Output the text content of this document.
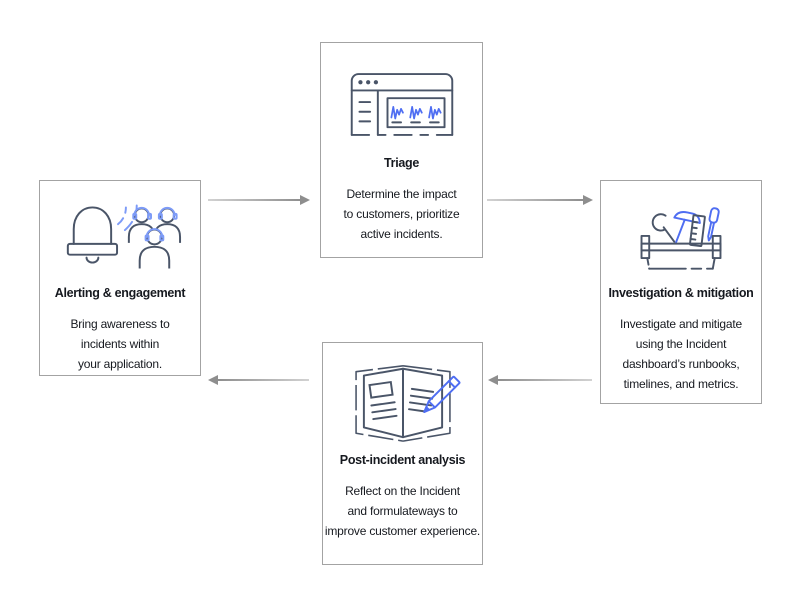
Alerting & engagement
Bring awareness to
incidents within
your application.
Triage
Determine the impact
to customers, prioritize
active incidents.
Investigation & mitigation
Investigate and mitigate
using the Incident
dashboard’s runbooks,
timelines, and metrics.
Post-incident analysis
Reflect on the Incident
and formulateways to
improve customer experience.
